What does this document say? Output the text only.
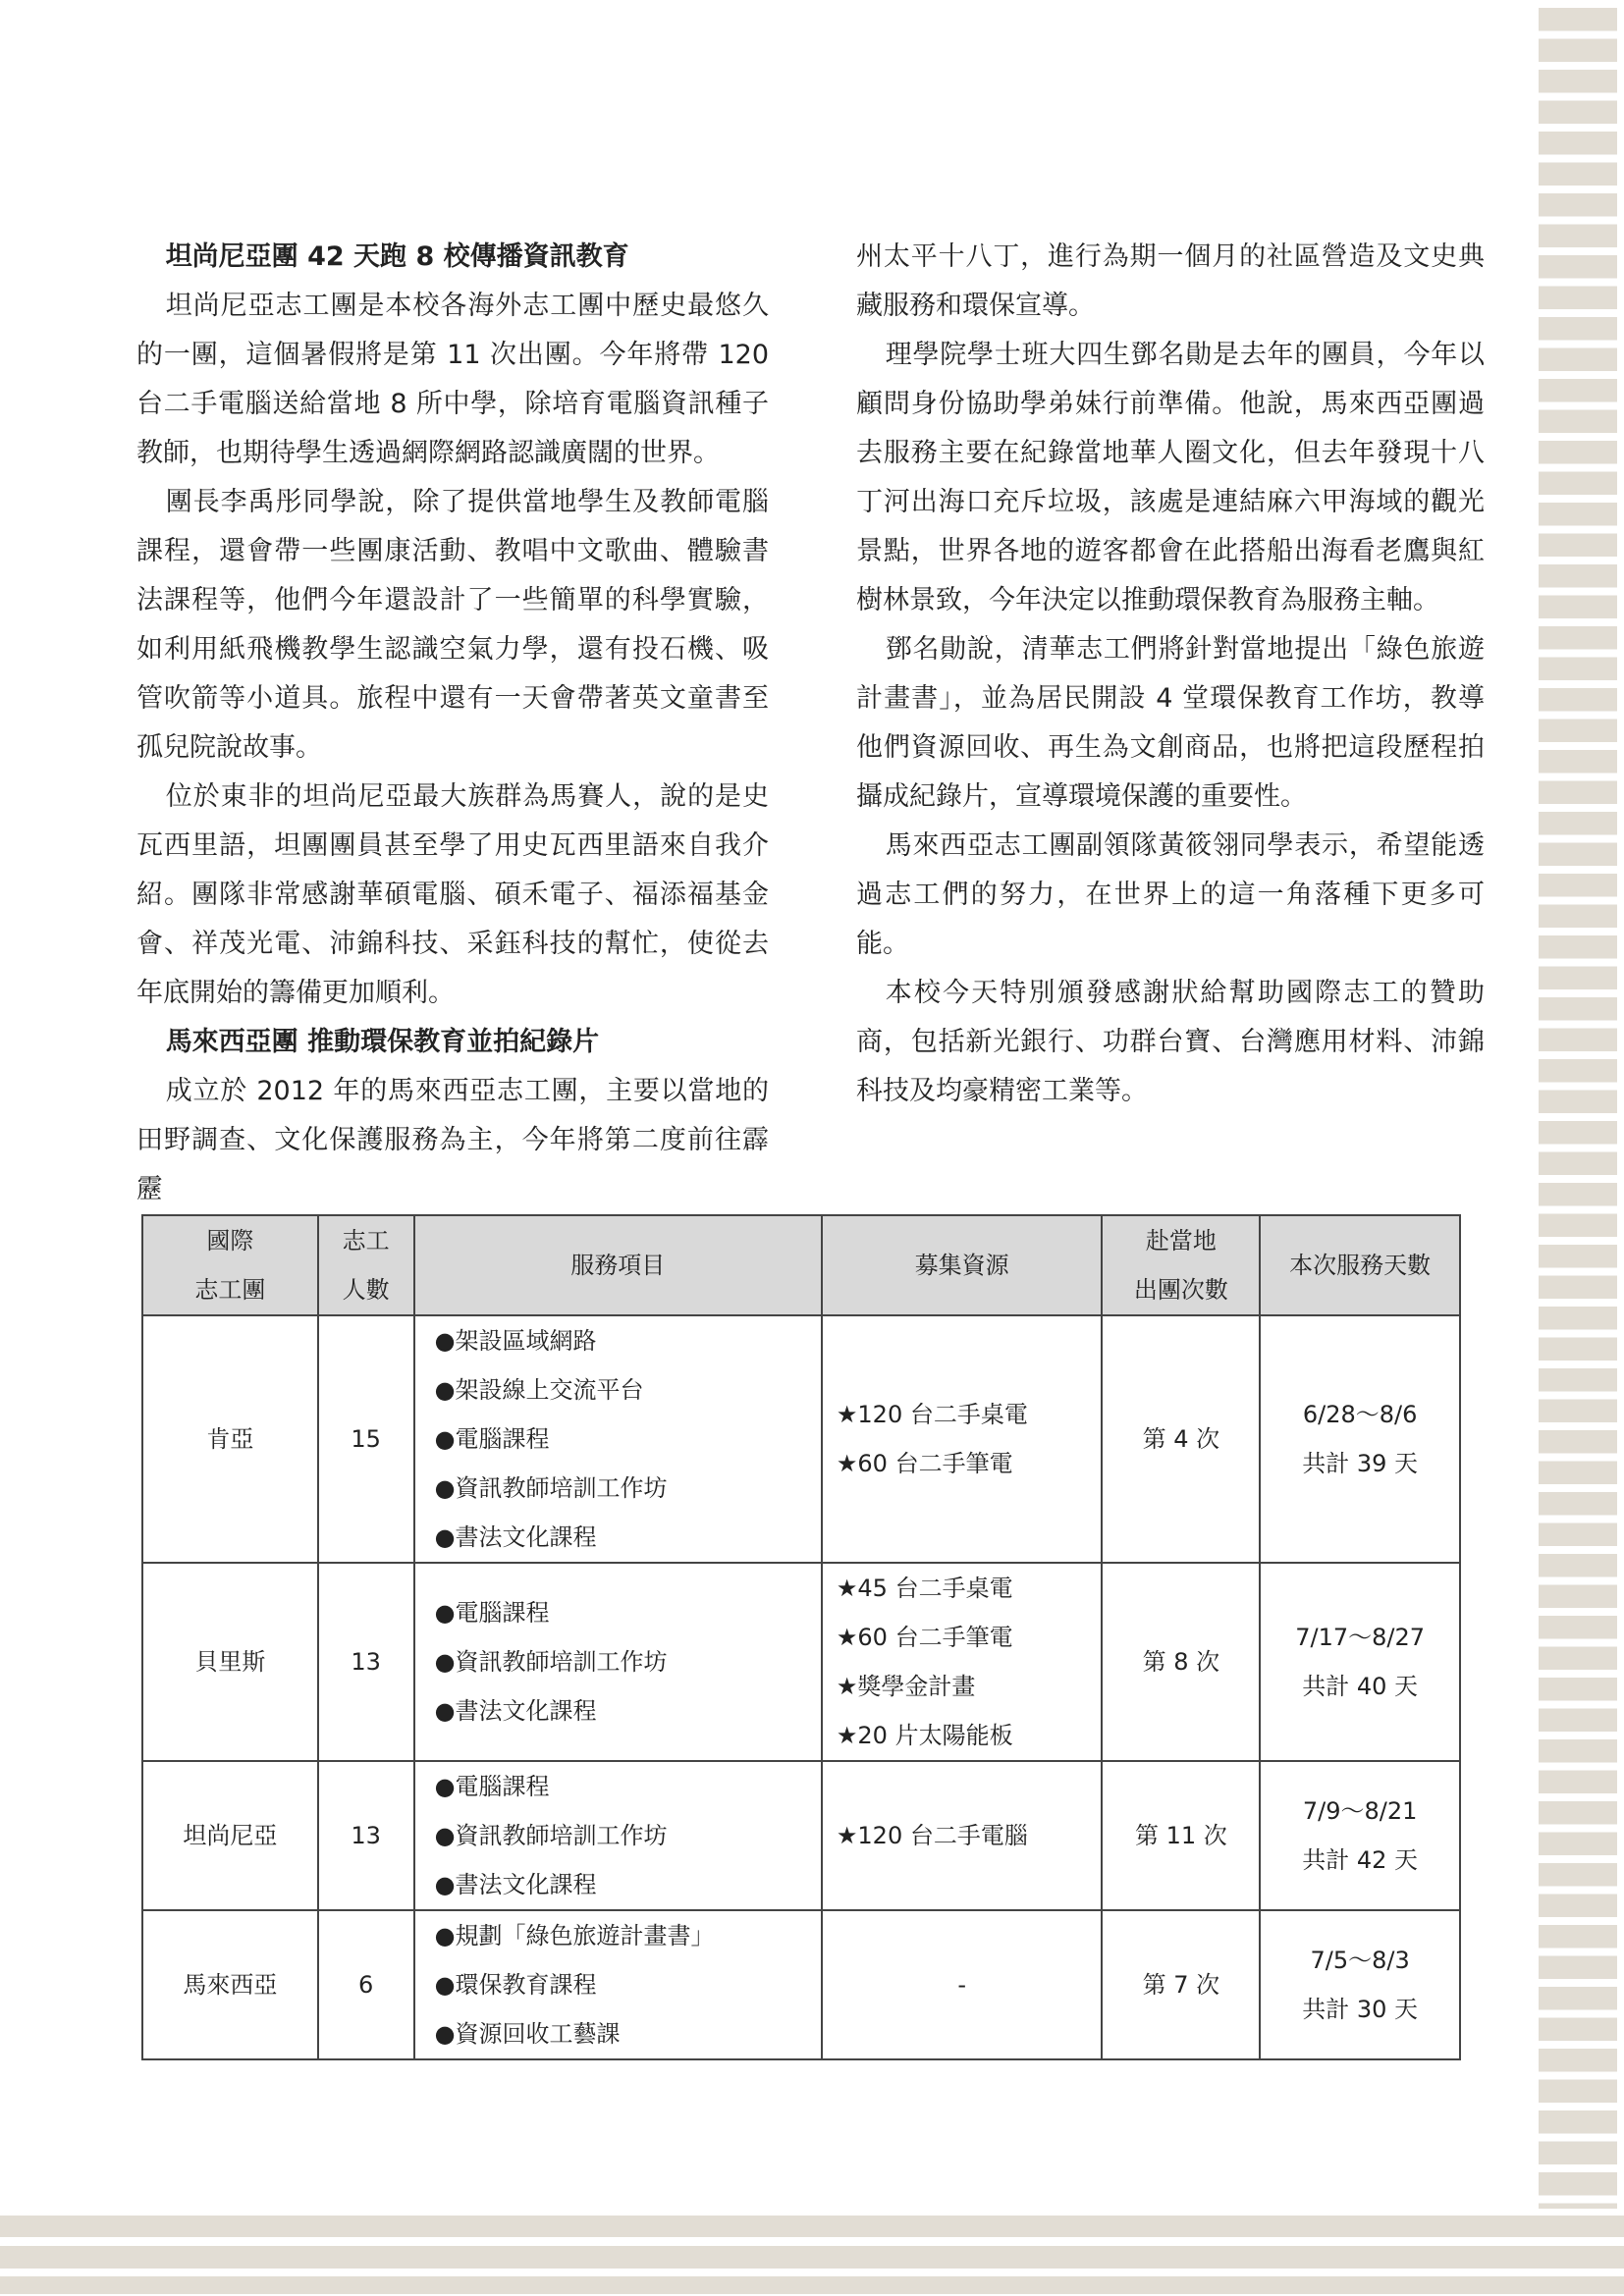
坦尚尼亞團 42 天跑 8 校傳播資訊教育

坦尚尼亞志工團是本校各海外志工團中歷史最悠久的一團，這個暑假將是第 11 次出團。今年將帶 120 台二手電腦送給當地 8 所中學，除培育電腦資訊種子教師，也期待學生透過網際網路認識廣闊的世界。

團長李禹彤同學說，除了提供當地學生及教師電腦課程，還會帶一些團康活動、教唱中文歌曲、體驗書法課程等，他們今年還設計了一些簡單的科學實驗，如利用紙飛機教學生認識空氣力學，還有投石機、吸管吹箭等小道具。旅程中還有一天會帶著英文童書至孤兒院說故事。

位於東非的坦尚尼亞最大族群為馬賽人，說的是史瓦西里語，坦團團員甚至學了用史瓦西里語來自我介紹。團隊非常感謝華碩電腦、碩禾電子、福添福基金會、祥茂光電、沛錦科技、采鈺科技的幫忙，使從去年底開始的籌備更加順利。

馬來西亞團 推動環保教育並拍紀錄片

成立於 2012 年的馬來西亞志工團，主要以當地的田野調查、文化保護服務為主，今年將第二度前往霹靂

州太平十八丁，進行為期一個月的社區營造及文史典藏服務和環保宣導。

理學院學士班大四生鄧名勛是去年的團員，今年以顧問身份協助學弟妹行前準備。他說，馬來西亞團過去服務主要在紀錄當地華人圈文化，但去年發現十八丁河出海口充斥垃圾，該處是連結麻六甲海域的觀光景點，世界各地的遊客都會在此搭船出海看老鷹與紅樹林景致，今年決定以推動環保教育為服務主軸。

鄧名勛說，清華志工們將針對當地提出「綠色旅遊計畫書」，並為居民開設 4 堂環保教育工作坊，教導他們資源回收、再生為文創商品，也將把這段歷程拍攝成紀錄片，宣導環境保護的重要性。

馬來西亞志工團副領隊黃筱翎同學表示，希望能透過志工們的努力，在世界上的這一角落種下更多可能。

本校今天特別頒發感謝狀給幫助國際志工的贊助商，包括新光銀行、功群台寶、台灣應用材料、沛錦科技及均豪精密工業等。

國際
志工團	志工
人數	服務項目	募集資源	赴當地
出團次數	本次服務天數
肯亞	15	●架設區域網路
●架設線上交流平台
●電腦課程
●資訊教師培訓工作坊
●書法文化課程	★120 台二手桌電
★60 台二手筆電	第 4 次	6/28～8/6
共計 39 天

貝里斯	13	●電腦課程
●資訊教師培訓工作坊
●書法文化課程	★45 台二手桌電
★60 台二手筆電
★獎學金計畫
★20 片太陽能板	第 8 次	7/17～8/27
共計 40 天

坦尚尼亞	13	●電腦課程
●資訊教師培訓工作坊
●書法文化課程	★120 台二手電腦	第 11 次	7/9～8/21
共計 42 天

馬來西亞	6	●規劃「綠色旅遊計畫書」
●環保教育課程
●資源回收工藝課	-	第 7 次	7/5～8/3
共計 30 天
